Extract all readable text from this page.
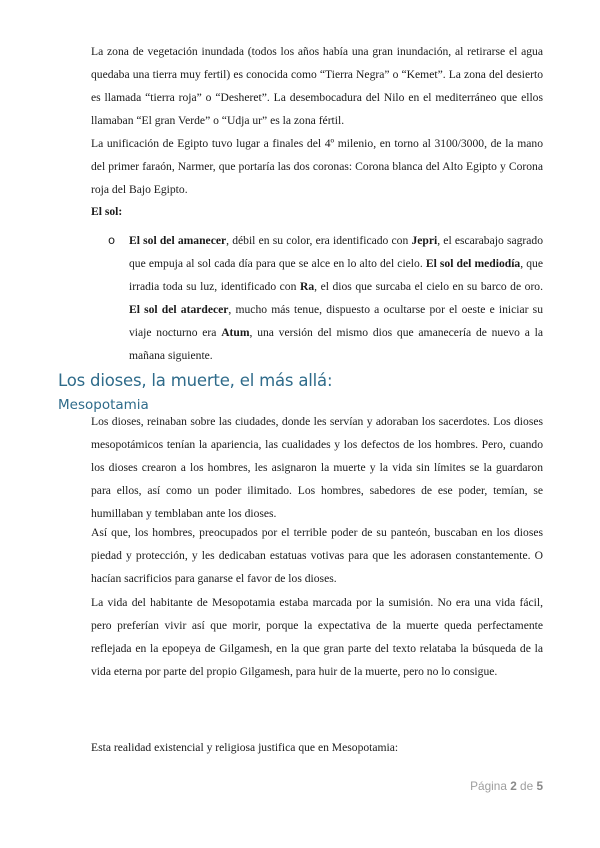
La zona de vegetación inundada (todos los años había una gran inundación, al retirarse el agua quedaba una tierra muy fertil) es conocida como “Tierra Negra” o “Kemet”. La zona del desierto es llamada “tierra roja” o “Desheret”. La desembocadura del Nilo en el mediterráneo que ellos llamaban “El gran Verde” o “Udja ur” es la zona fértil.

La unificación de Egipto tuvo lugar a finales del 4º milenio, en torno al 3100/3000, de la mano del primer faraón, Narmer, que portaría las dos coronas: Corona blanca del Alto Egipto y Corona roja del Bajo Egipto.

El sol:

o El sol del amanecer, débil en su color, era identificado con Jepri, el escarabajo sagrado que empuja al sol cada día para que se alce en lo alto del cielo. El sol del mediodía, que irradia toda su luz, identificado con Ra, el dios que surcaba el cielo en su barco de oro. El sol del atardecer, mucho más tenue, dispuesto a ocultarse por el oeste e iniciar su viaje nocturno era Atum, una versión del mismo dios que amanecería de nuevo a la mañana siguiente.

Los dioses, la muerte, el más allá:
Mesopotamia

Los dioses, reinaban sobre las ciudades, donde les servían y adoraban los sacerdotes. Los dioses mesopotámicos tenían la apariencia, las cualidades y los defectos de los hombres. Pero, cuando los dioses crearon a los hombres, les asignaron la muerte y la vida sin límites se la guardaron para ellos, así como un poder ilimitado. Los hombres, sabedores de ese poder, temían, se humillaban y temblaban ante los dioses.

Así que, los hombres, preocupados por el terrible poder de su panteón, buscaban en los dioses piedad y protección, y les dedicaban estatuas votivas para que les adorasen constantemente. O hacían sacrificios para ganarse el favor de los dioses.

La vida del habitante de Mesopotamia estaba marcada por la sumisión. No era una vida fácil, pero preferían vivir así que morir, porque la expectativa de la muerte queda perfectamente reflejada en la epopeya de Gilgamesh, en la que gran parte del texto relataba la búsqueda de la vida eterna por parte del propio Gilgamesh, para huir de la muerte, pero no lo consigue.

Esta realidad existencial y religiosa justifica que en Mesopotamia:

Página 2 de 5
